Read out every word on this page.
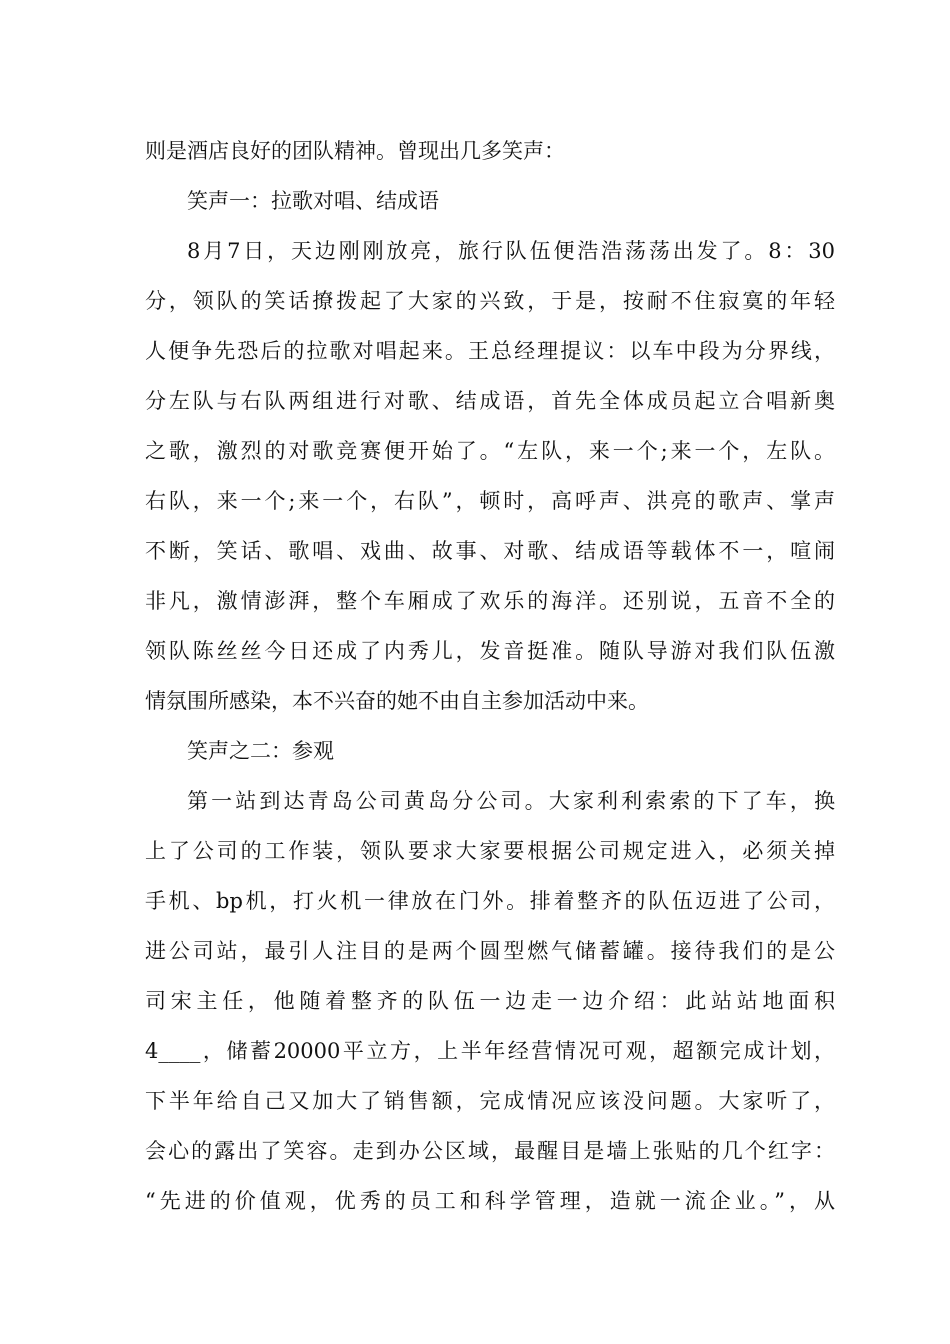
则是酒店良好的团队精神。曾现出几多笑声：
笑声一：拉歌对唱、结成语
8月7日，天边刚刚放亮，旅行队伍便浩浩荡荡出发了。8：30
分，领队的笑话撩拨起了大家的兴致，于是，按耐不住寂寞的年轻
人便争先恐后的拉歌对唱起来。王总经理提议：以车中段为分界线，
分左队与右队两组进行对歌、结成语，首先全体成员起立合唱新奥
之歌，激烈的对歌竞赛便开始了。“左队，来一个;来一个，左队。
右队，来一个;来一个，右队”，顿时，高呼声、洪亮的歌声、掌声
不断，笑话、歌唱、戏曲、故事、对歌、结成语等载体不一，喧闹
非凡，激情澎湃，整个车厢成了欢乐的海洋。还别说，五音不全的
领队陈丝丝今日还成了内秀儿，发音挺准。随队导游对我们队伍激
情氛围所感染，本不兴奋的她不由自主参加活动中来。
笑声之二：参观
第一站到达青岛公司黄岛分公司。大家利利索索的下了车，换
上了公司的工作装，领队要求大家要根据公司规定进入，必须关掉
手机、bp机，打火机一律放在门外。排着整齐的队伍迈进了公司，
进公司站，最引人注目的是两个圆型燃气储蓄罐。接待我们的是公
司宋主任，他随着整齐的队伍一边走一边介绍：此站站地面积
4____，储蓄20000平立方，上半年经营情况可观，超额完成计划，
下半年给自己又加大了销售额，完成情况应该没问题。大家听了，
会心的露出了笑容。走到办公区域，最醒目是墙上张贴的几个红字：
“先进的价值观，优秀的员工和科学管理，造就一流企业。”，从
